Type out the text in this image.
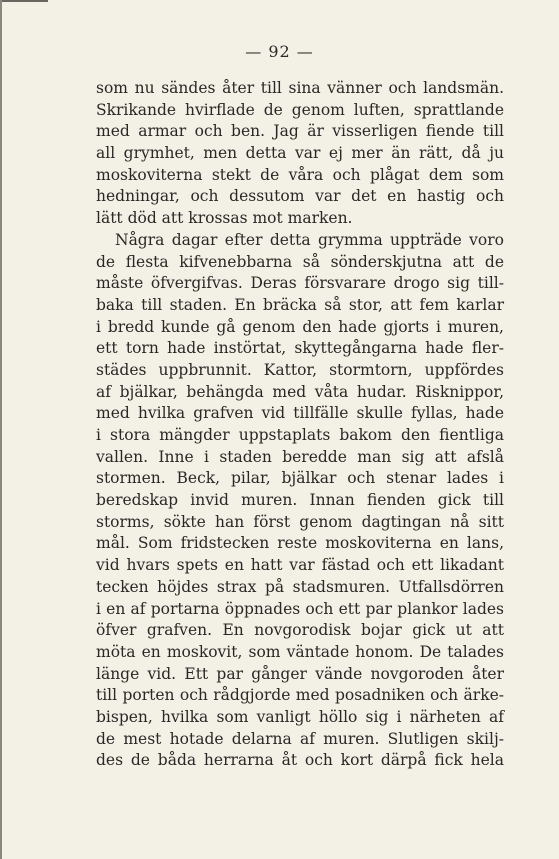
— 92 —
som nu sändes åter till sina vänner och landsmän.
Skrikande hvirflade de genom luften, sprattlande
med armar och ben. Jag är visserligen fiende till
all grymhet, men detta var ej mer än rätt, då ju
moskoviterna stekt de våra och plågat dem som
hedningar, och dessutom var det en hastig och
lätt död att krossas mot marken.
Några dagar efter detta grymma uppträde voro
de flesta kifvenebbarna så sönderskjutna att de
måste öfvergifvas. Deras försvarare drogo sig till-
baka till staden. En bräcka så stor, att fem karlar
i bredd kunde gå genom den hade gjorts i muren,
ett torn hade instörtat, skyttegångarna hade fler-
städes uppbrunnit. Kattor, stormtorn, uppfördes
af bjälkar, behängda med våta hudar. Risknippor,
med hvilka grafven vid tillfälle skulle fyllas, hade
i stora mängder uppstaplats bakom den fientliga
vallen. Inne i staden beredde man sig att afslå
stormen. Beck, pilar, bjälkar och stenar lades i
beredskap invid muren. Innan fienden gick till
storms, sökte han först genom dagtingan nå sitt
mål. Som fridstecken reste moskoviterna en lans,
vid hvars spets en hatt var fästad och ett likadant
tecken höjdes strax på stadsmuren. Utfallsdörren
i en af portarna öppnades och ett par plankor lades
öfver grafven. En novgorodisk bojar gick ut att
möta en moskovit, som väntade honom. De talades
länge vid. Ett par gånger vände novgoroden åter
till porten och rådgjorde med posadniken och ärke-
bispen, hvilka som vanligt höllo sig i närheten af
de mest hotade delarna af muren. Slutligen skilj-
des de båda herrarna åt och kort därpå fick hela
